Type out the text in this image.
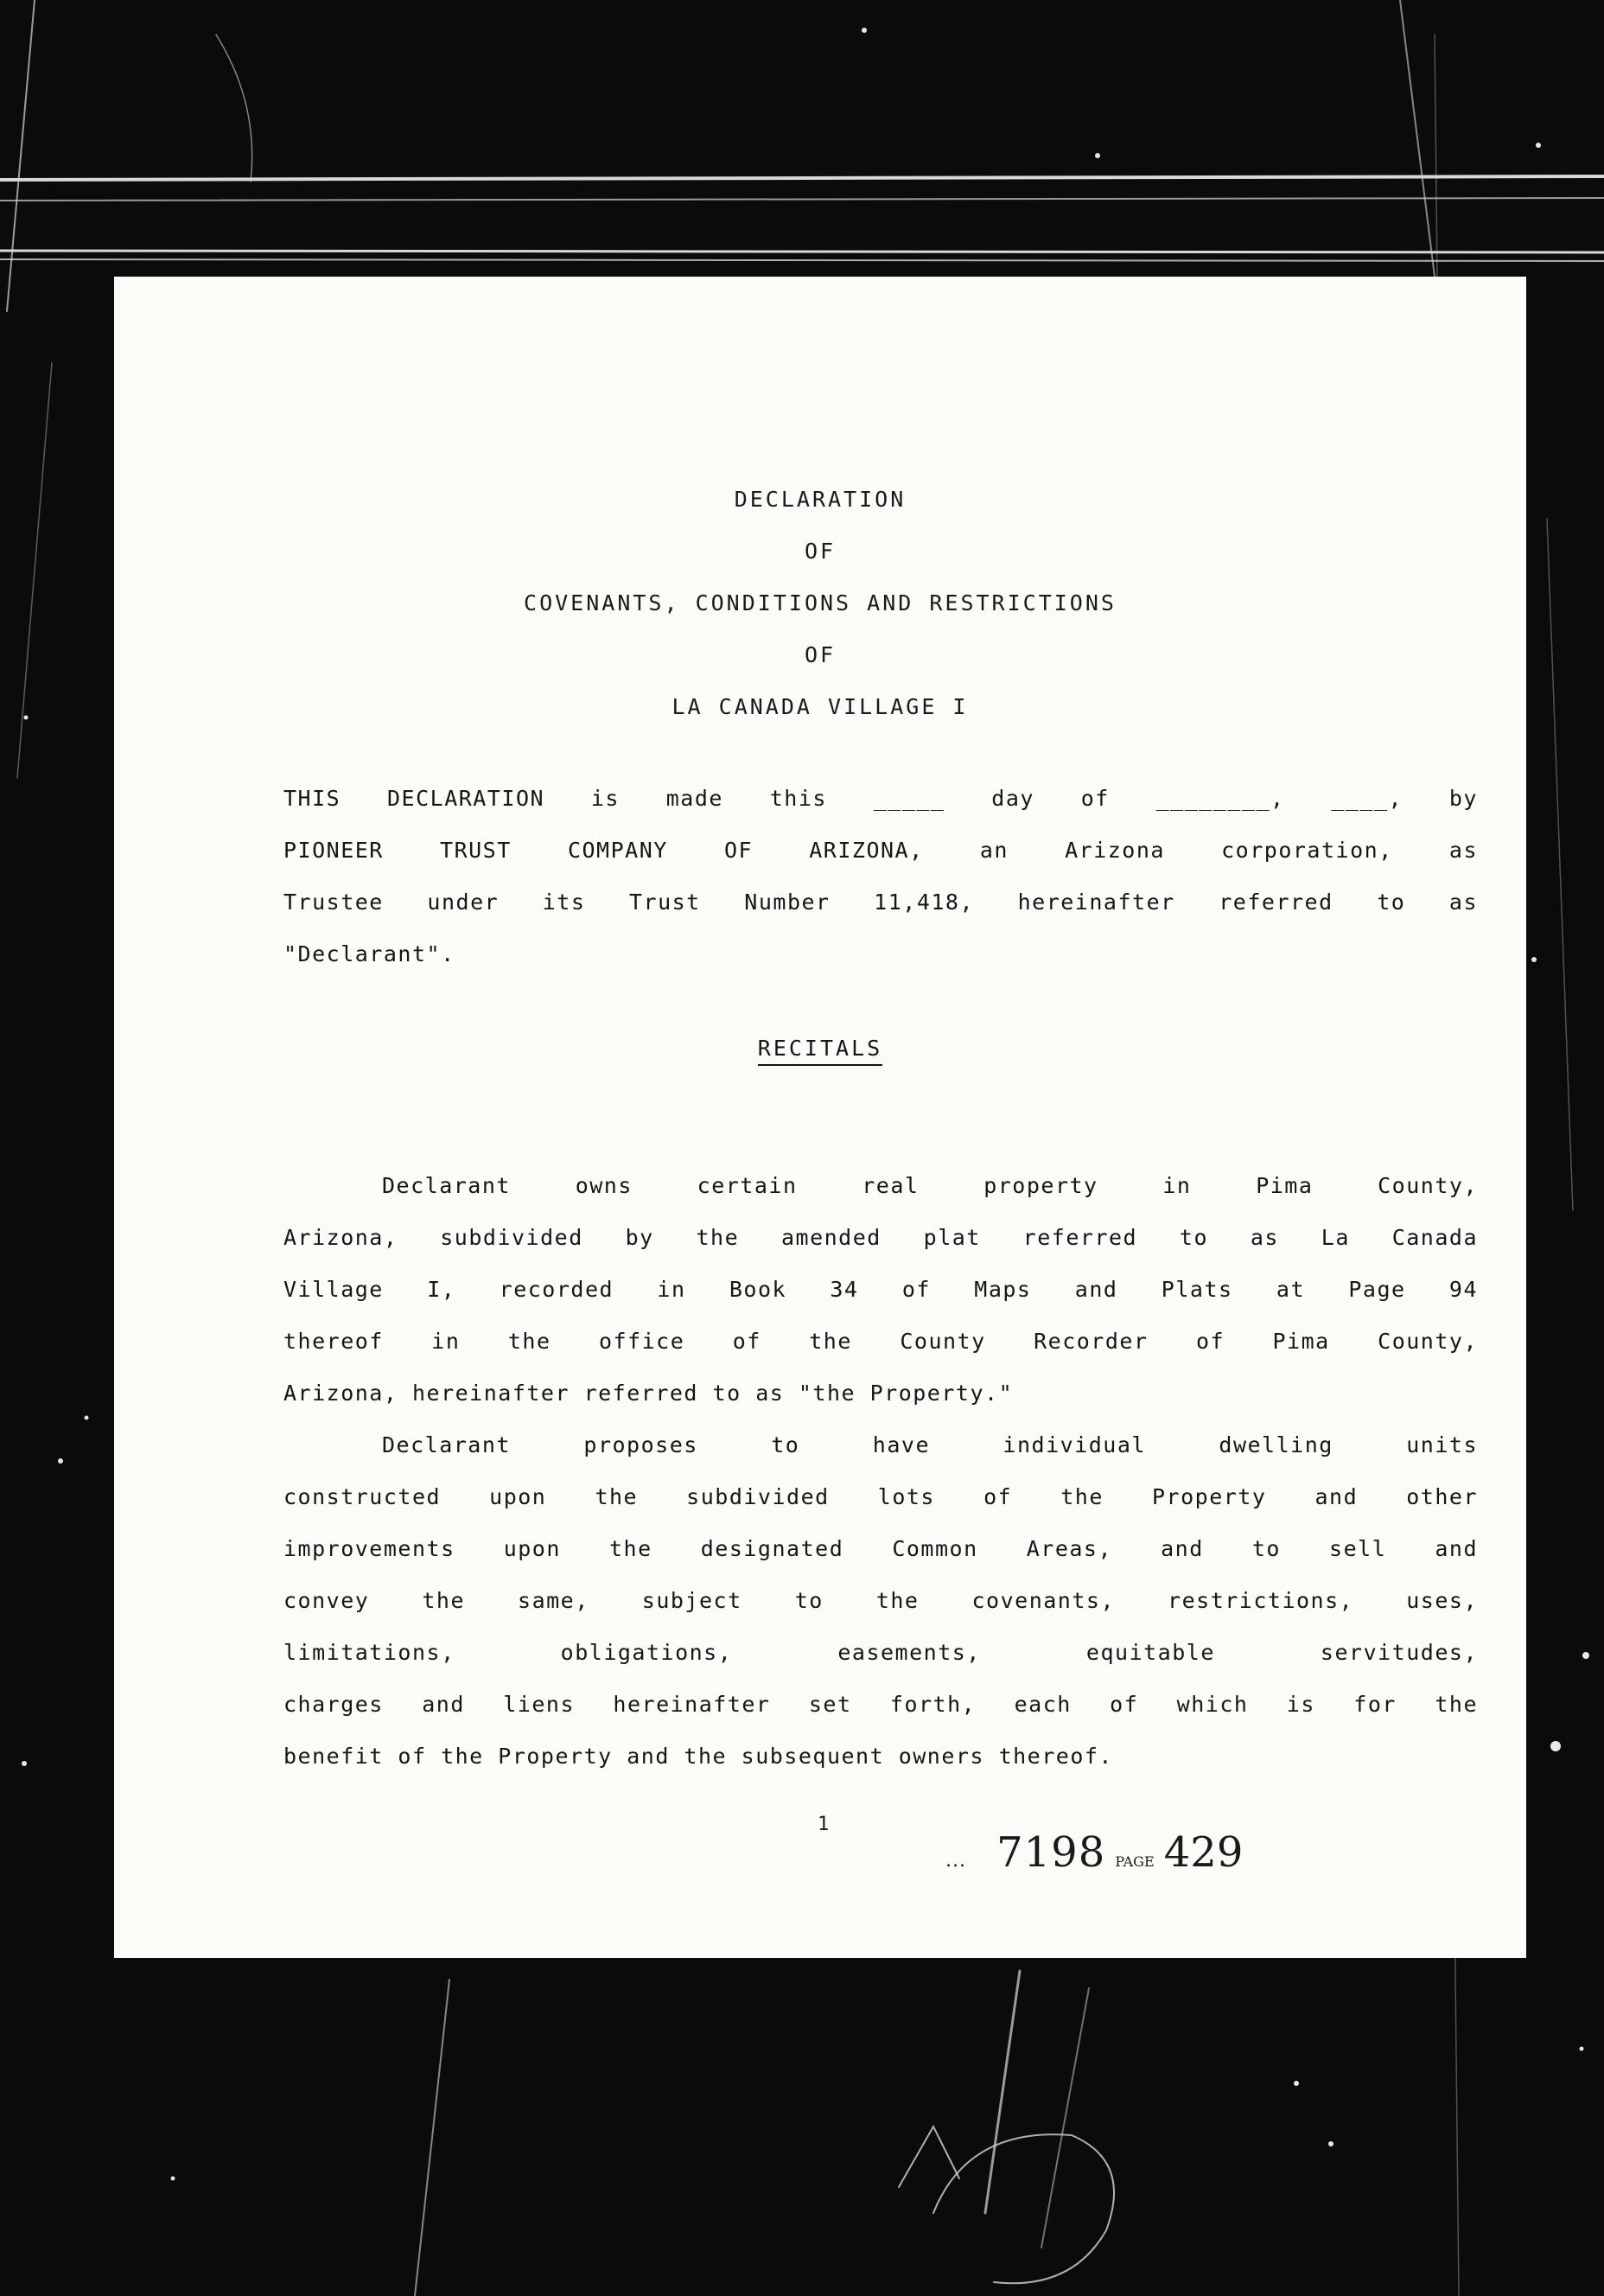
DECLARATION
OF
COVENANTS, CONDITIONS AND RESTRICTIONS
OF
LA CANADA VILLAGE I
THIS DECLARATION is made this _____ day of ________, ____, by
PIONEER TRUST COMPANY OF ARIZONA, an Arizona corporation, as
Trustee under its Trust Number 11,418, hereinafter referred to as
"Declarant".
RECITALS
Declarant owns certain real property in Pima County,
Arizona, subdivided by the amended plat referred to as La Canada
Village I, recorded in Book 34 of Maps and Plats at Page 94
thereof in the office of the County Recorder of Pima County,
Arizona, hereinafter referred to as "the Property."
Declarant proposes to have individual dwelling units
constructed upon the subdivided lots of the Property and other
improvements upon the designated Common Areas, and to sell and
convey the same, subject to the covenants, restrictions, uses,
limitations, obligations, easements, equitable servitudes,
charges and liens hereinafter set forth, each of which is for the
benefit of the Property and the subsequent owners thereof.
1
... 7198 PAGE 429
